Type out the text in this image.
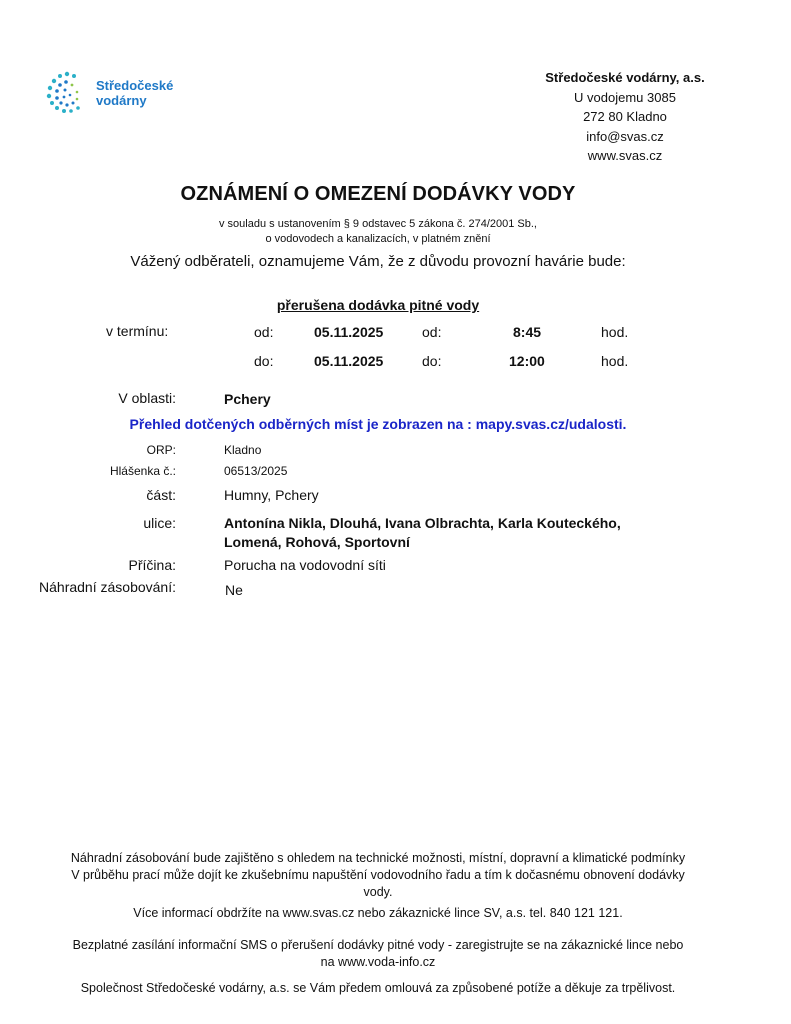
Středočeské
vodárny
Středočeské vodárny, a.s.
U vodojemu 3085
272 80 Kladno
info@svas.cz
www.svas.cz
OZNÁMENÍ O OMEZENÍ DODÁVKY VODY
v souladu s ustanovením § 9 odstavec 5 zákona č. 274/2001 Sb.,
o vodovodech a kanalizacích, v platném znění
Vážený odběrateli, oznamujeme Vám, že z důvodu provozní havárie bude:
přerušena dodávka pitné vody
v termínu:	od:	05.11.2025	od:	8:45	hod.
do:	05.11.2025	do:	12:00	hod.
V oblasti:	Pchery
Přehled dotčených odběrných míst je zobrazen na : mapy.svas.cz/udalosti.
ORP:	Kladno
Hlášenka č.:	06513/2025
část:	Humny, Pchery
ulice:	Antonína Nikla, Dlouhá, Ivana Olbrachta, Karla Kouteckého,
Lomená, Rohová, Sportovní
Příčina:	Porucha na vodovodní síti
Náhradní zásobování:	Ne
Náhradní zásobování bude zajištěno s ohledem na technické možnosti, místní, dopravní a klimatické podmínky
V průběhu prací může dojít ke zkušebnímu napuštění vodovodního řadu a tím k dočasnému obnovení dodávky
vody.
Více informací obdržíte na www.svas.cz nebo zákaznické lince SV, a.s. tel. 840 121 121.
Bezplatné zasílání informační SMS o přerušení dodávky pitné vody - zaregistrujte se na zákaznické lince nebo
na www.voda-info.cz
Společnost Středočeské vodárny, a.s. se Vám předem omlouvá za způsobené potíže a děkuje za trpělivost.
